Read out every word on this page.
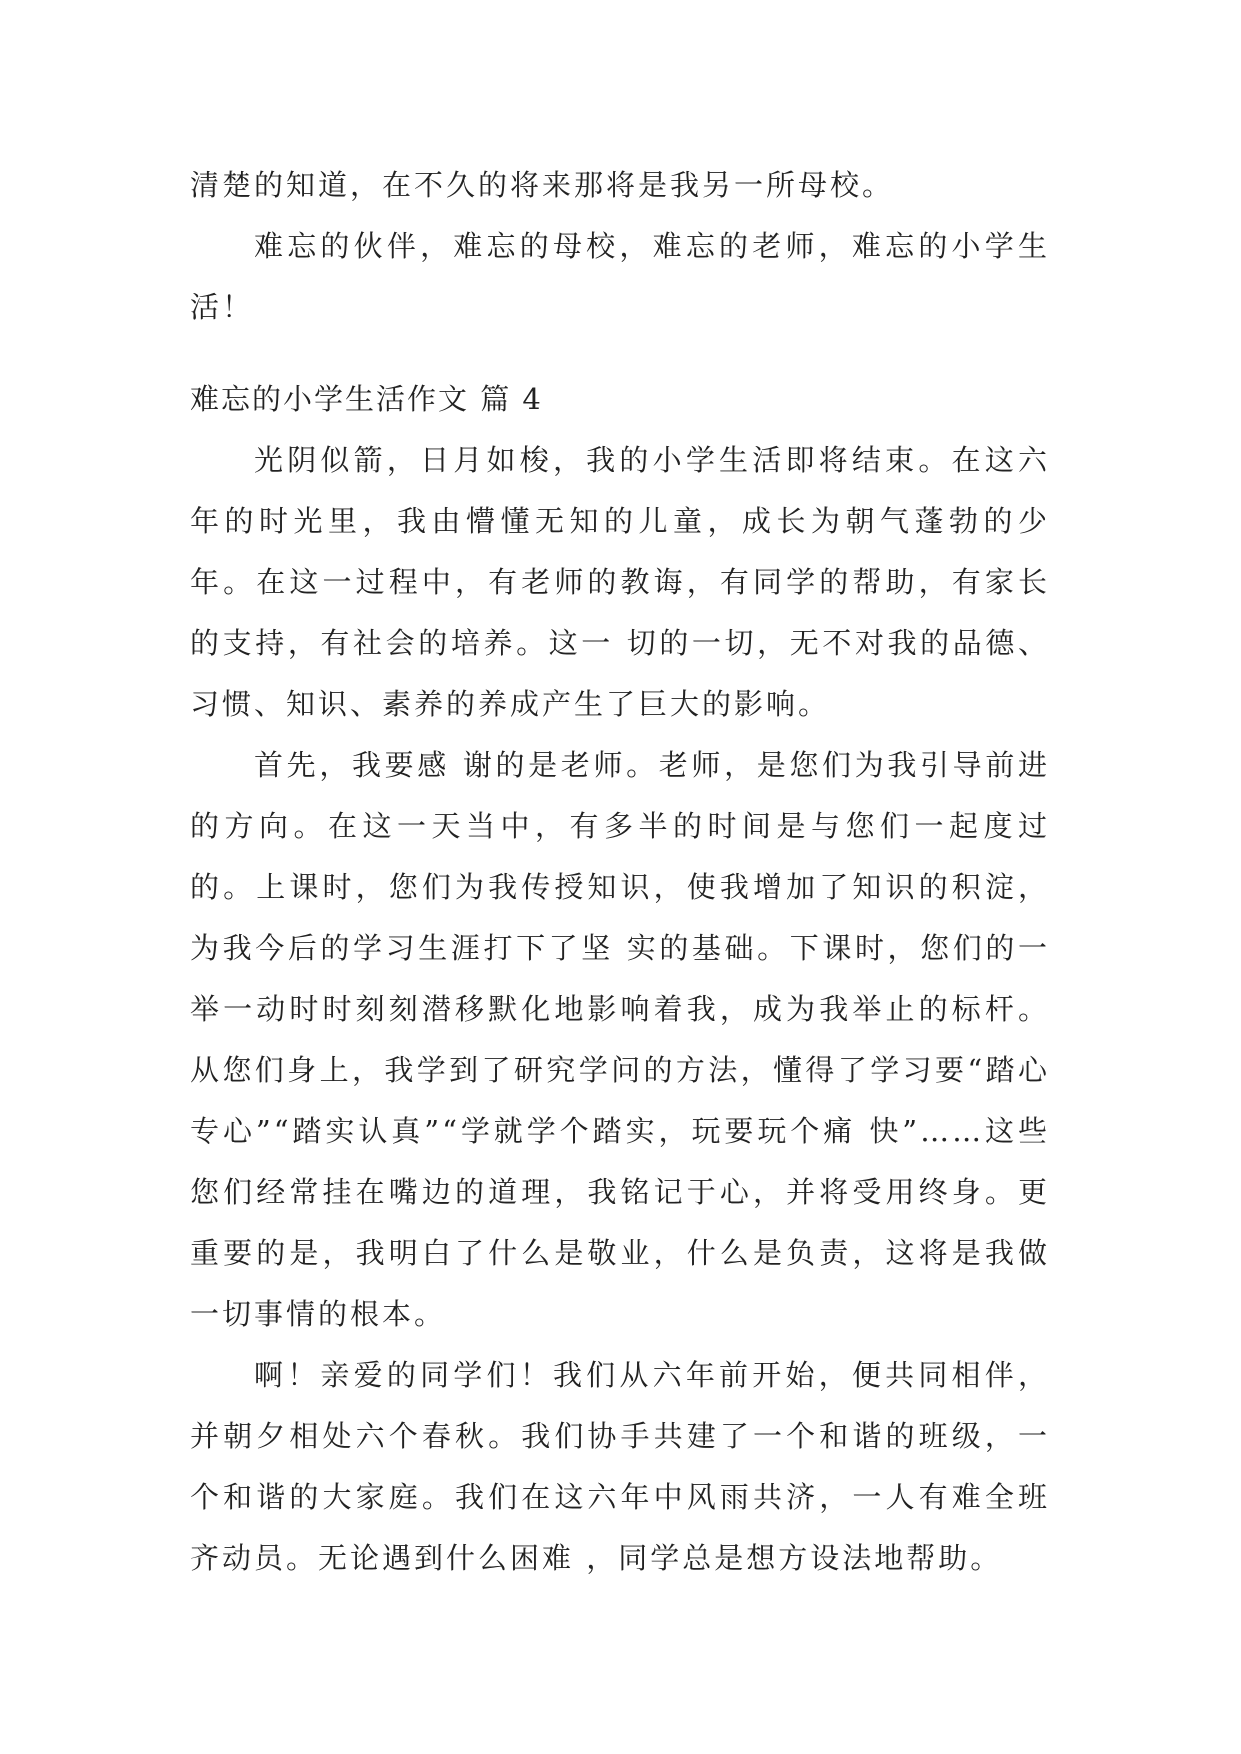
清楚的知道，在不久的将来那将是我另一所母校。

难忘的伙伴，难忘的母校，难忘的老师，难忘的小学生活！

难忘的小学生活作文 篇 4

光阴似箭，日月如梭，我的小学生活即将结束。在这六年的时光里，我由懵懂无知的儿童，成长为朝气蓬勃的少年。在这一过程中，有老师的教诲，有同学的帮助，有家长的支持，有社会的培养。这一 切的一切，无不对我的品德、习惯、知识、素养的养成产生了巨大的影响。

首先，我要感 谢的是老师。老师，是您们为我引导前进的方向。在这一天当中，有多半的时间是与您们一起度过的。上课时，您们为我传授知识，使我增加了知识的积淀，为我今后的学习生涯打下了坚 实的基础。下课时，您们的一举一动时时刻刻潜移默化地影响着我，成为我举止的标杆。从您们身上，我学到了研究学问的方法，懂得了学习要“踏心专心”“踏实认真”“学就学个踏实，玩要玩个痛 快”……这些您们经常挂在嘴边的道理，我铭记于心，并将受用终身。更重要的是，我明白了什么是敬业，什么是负责，这将是我做一切事情的根本。

啊！亲爱的同学们！我们从六年前开始，便共同相伴，并朝夕相处六个春秋。我们协手共建了一个和谐的班级，一个和谐的大家庭。我们在这六年中风雨共济，一人有难全班齐动员。无论遇到什么困难 ，同学总是想方设法地帮助。
